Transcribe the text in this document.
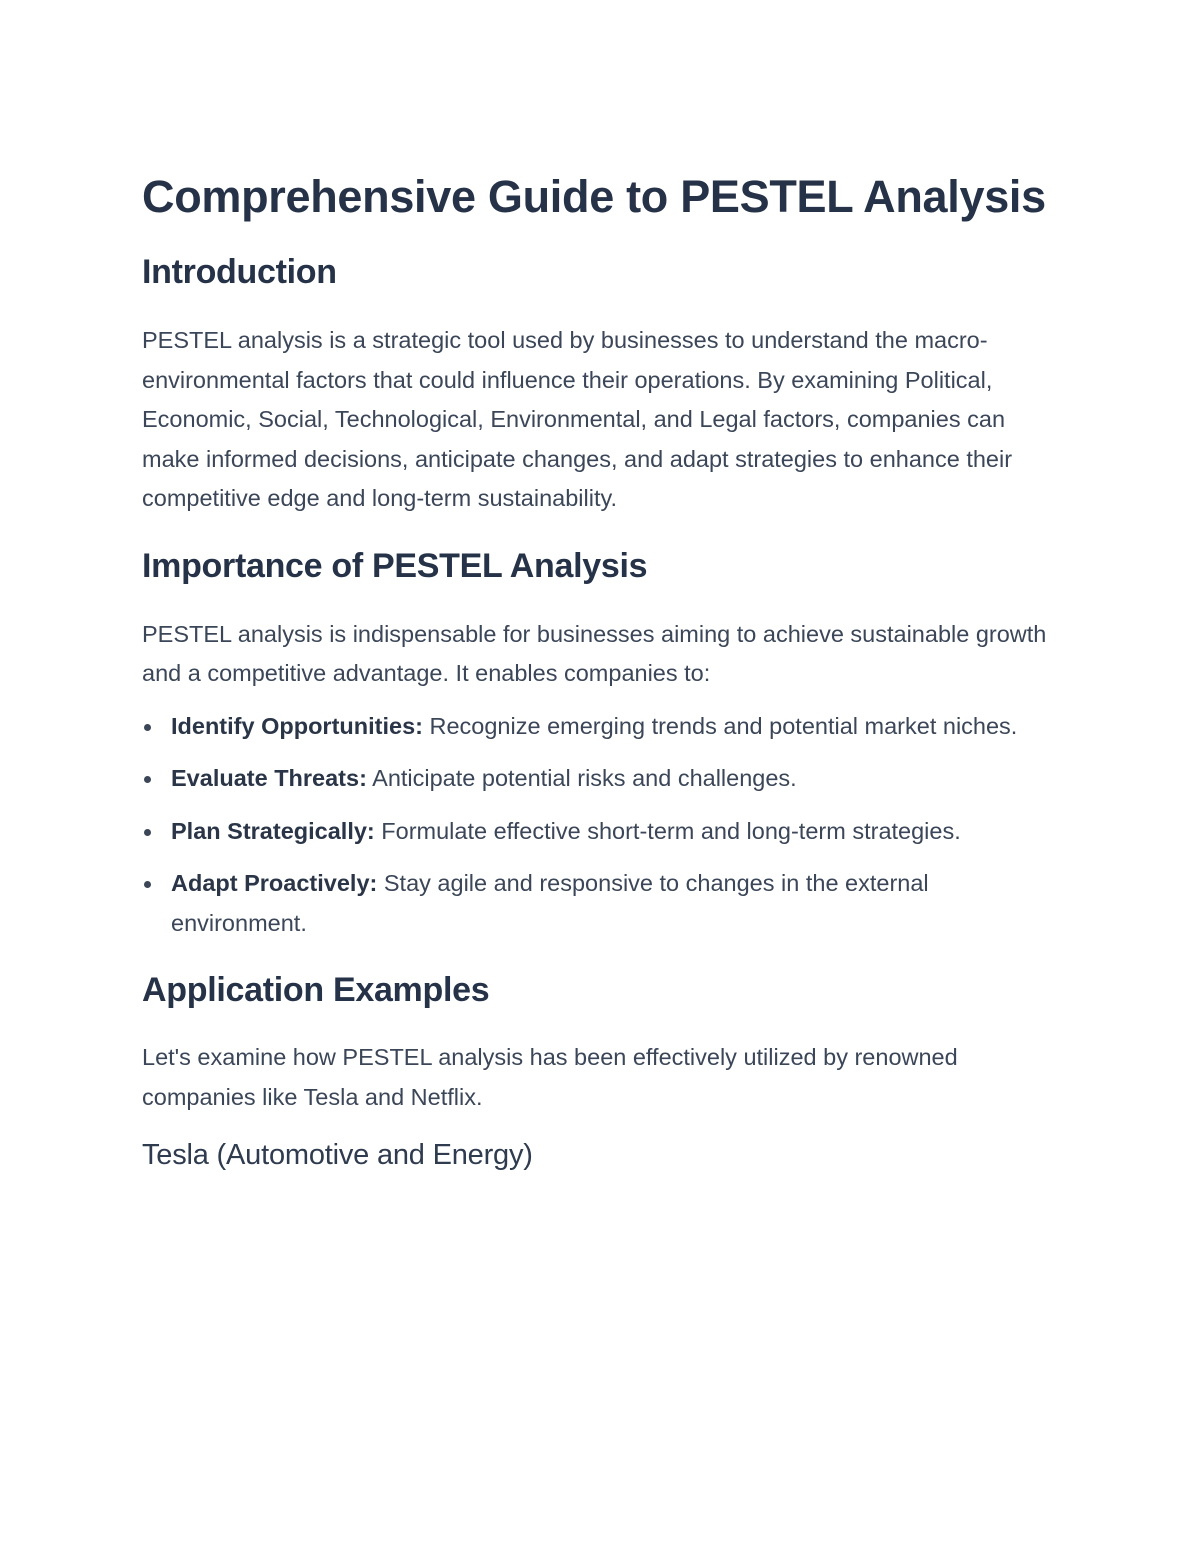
Comprehensive Guide to PESTEL Analysis
Introduction

PESTEL analysis is a strategic tool used by businesses to understand the macro-environmental factors that could influence their operations. By examining Political, Economic, Social, Technological, Environmental, and Legal factors, companies can make informed decisions, anticipate changes, and adapt strategies to enhance their competitive edge and long-term sustainability.

Importance of PESTEL Analysis

PESTEL analysis is indispensable for businesses aiming to achieve sustainable growth and a competitive advantage. It enables companies to:

Identify Opportunities: Recognize emerging trends and potential market niches.
Evaluate Threats: Anticipate potential risks and challenges.
Plan Strategically: Formulate effective short-term and long-term strategies.
Adapt Proactively: Stay agile and responsive to changes in the external environment.
Application Examples

Let's examine how PESTEL analysis has been effectively utilized by renowned companies like Tesla and Netflix.

Tesla (Automotive and Energy)
